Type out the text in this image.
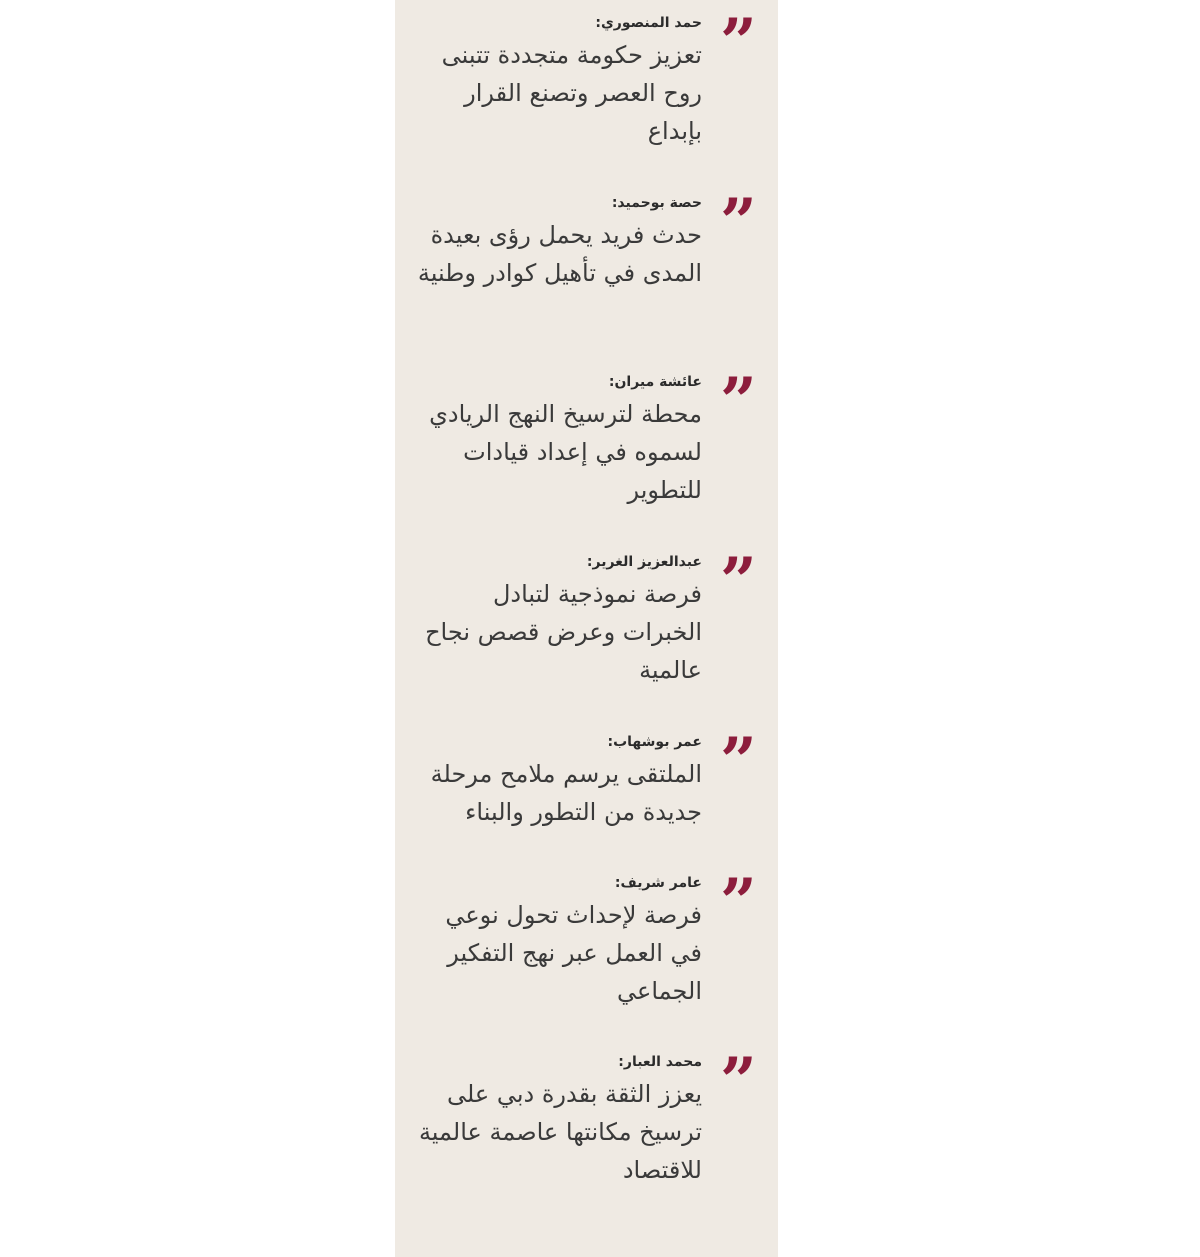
”
حمد المنصوري:
تعزيز حكومة متجددة تتبنى روح العصر وتصنع القرار بإبداع
”
حصة بوحميد:
حدث فريد يحمل رؤى بعيدة المدى في تأهيل كوادر وطنية
”
عائشة ميران:
محطة لترسيخ النهج الريادي لسموه في إعداد قيادات للتطوير
”
عبدالعزيز الغرير:
فرصة نموذجية لتبادل الخبرات وعرض قصص نجاح عالمية
”
عمر بوشهاب:
الملتقى يرسم ملامح مرحلة جديدة من التطور والبناء
”
عامر شريف:
فرصة لإحداث تحول نوعي في العمل عبر نهج التفكير الجماعي
”
محمد العبار:
يعزز الثقة بقدرة دبي على ترسيخ مكانتها عاصمة عالمية للاقتصاد
